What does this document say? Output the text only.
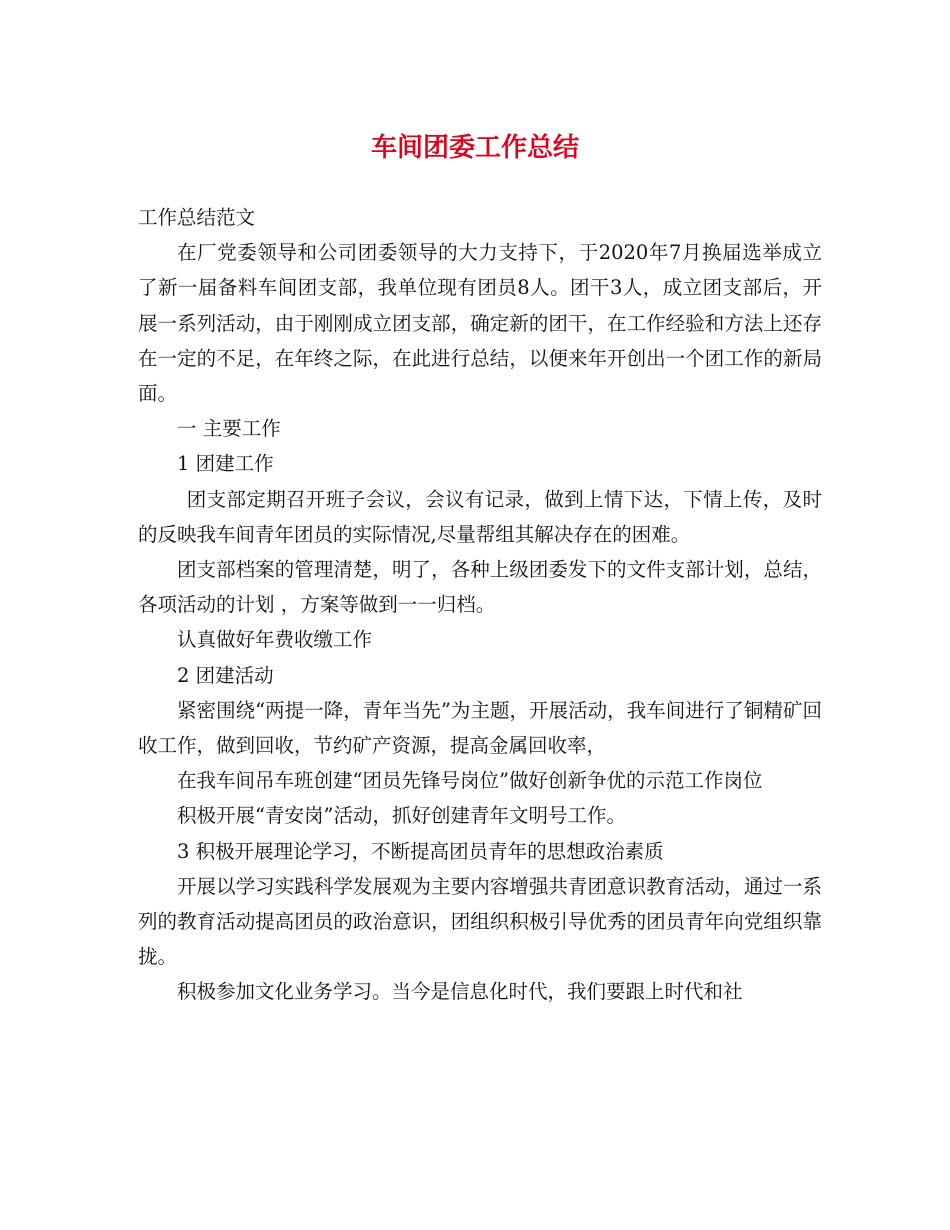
车间团委工作总结

工作总结范文

在厂党委领导和公司团委领导的大力支持下，于2020年7月换届选举成立了新一届备料车间团支部，我单位现有团员8人。团干3人，成立团支部后，开展一系列活动，由于刚刚成立团支部，确定新的团干，在工作经验和方法上还存在一定的不足，在年终之际，在此进行总结，以便来年开创出一个团工作的新局面。

一 主要工作

1 团建工作

团支部定期召开班子会议，会议有记录，做到上情下达，下情上传，及时的反映我车间青年团员的实际情况,尽量帮组其解决存在的困难。

团支部档案的管理清楚，明了，各种上级团委发下的文件支部计划，总结，各项活动的计划 ，方案等做到一一归档。

认真做好年费收缴工作

2 团建活动

紧密围绕“两提一降，青年当先”为主题，开展活动，我车间进行了铜精矿回收工作，做到回收，节约矿产资源，提高金属回收率，

在我车间吊车班创建“团员先锋号岗位”做好创新争优的示范工作岗位

积极开展“青安岗”活动，抓好创建青年文明号工作。

3 积极开展理论学习，不断提高团员青年的思想政治素质

开展以学习实践科学发展观为主要内容增强共青团意识教育活动，通过一系列的教育活动提高团员的政治意识，团组织积极引导优秀的团员青年向党组织靠拢。

积极参加文化业务学习。当今是信息化时代，我们要跟上时代和社
